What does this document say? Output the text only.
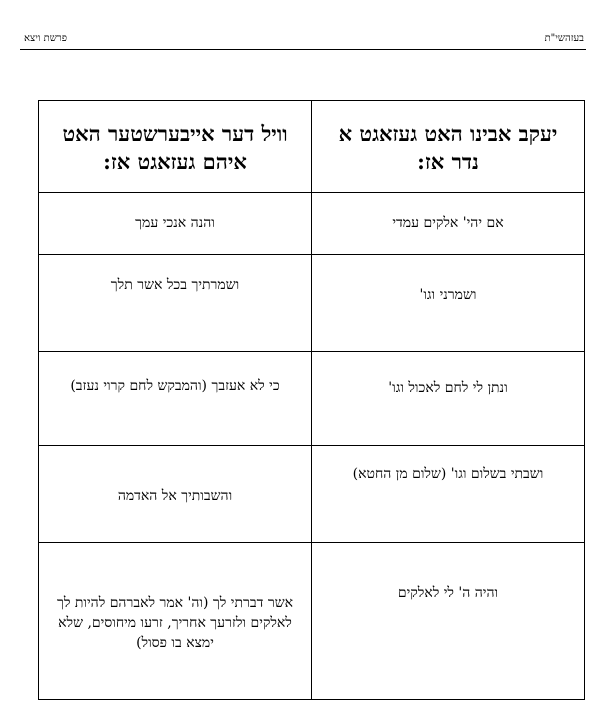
בעזהשי"ת
פרשת ויצא
יעקב אבינו האט געזאגט א נדר אז:	וויל דער אייבערשטער האט איהם געזאגט אז:

אם יהי' אלקים עמדי	והנה אנכי עמך

ושמרני וגו'	ושמרתיך בכל אשר תלך

ונתן לי לחם לאכול וגו'	כי לא אעזבך (והמבקש לחם קרוי נעזב)

ושבתי בשלום וגו' (שלום מן החטא)	והשבותיך אל האדמה

והיה ה' לי לאלקים	אשר דברתי לך (וה' אמר לאברהם להיות לך לאלקים ולזרעך אחריך, זרעו מיחוסים, שלא ימצא בו פסול)
